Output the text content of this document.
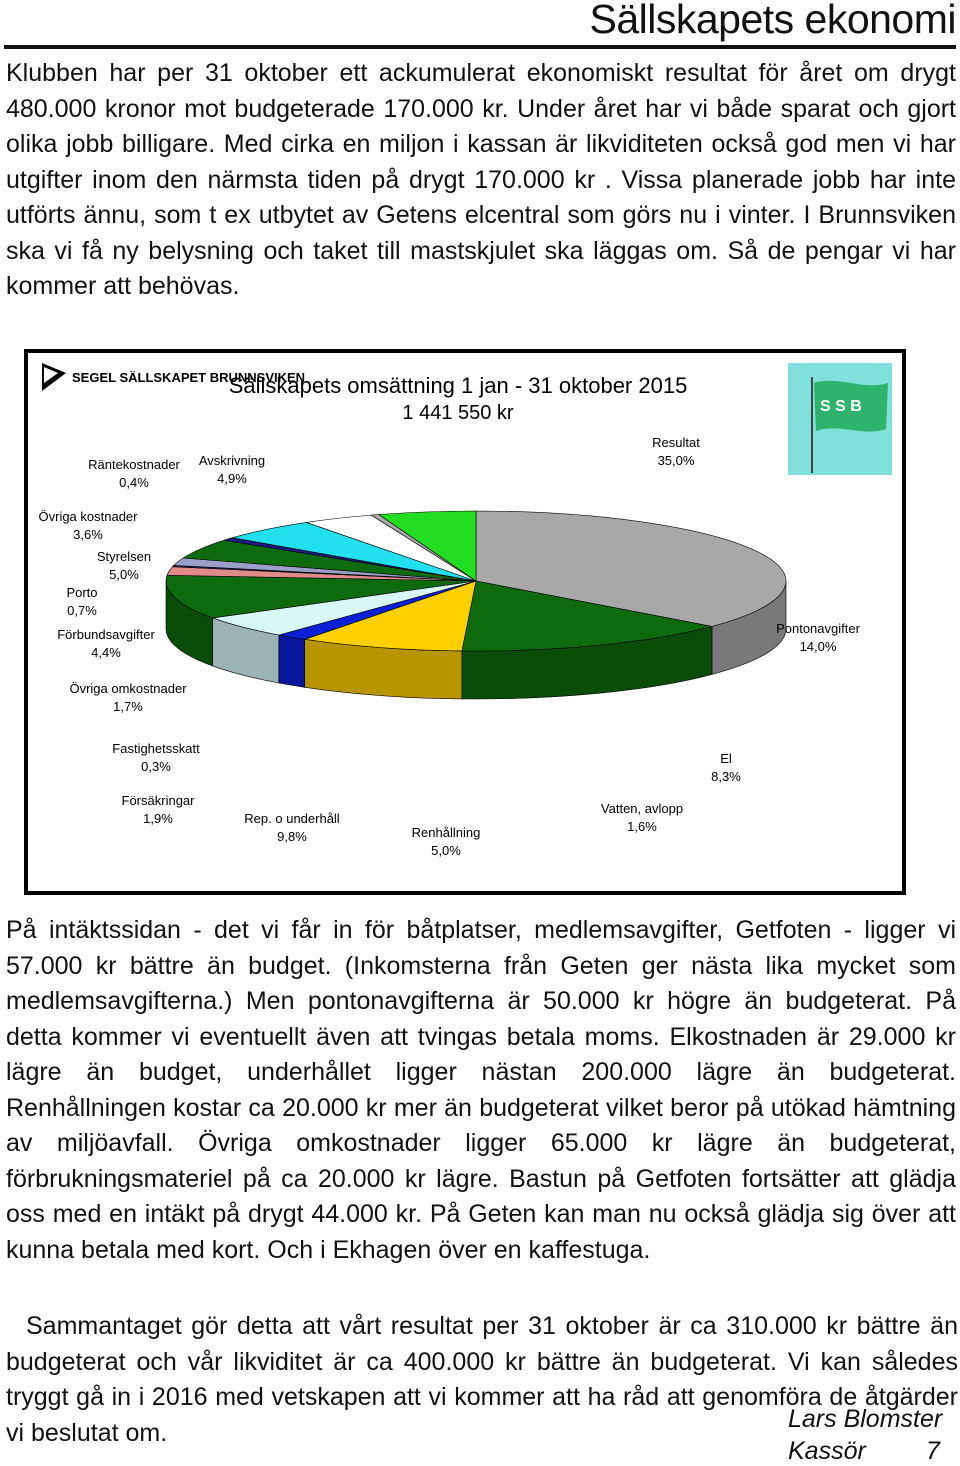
Sällskapets ekonomi

Klubben har per 31 oktober ett ackumulerat ekonomiskt resultat för året om drygt 480.000 kronor mot budgeterade 170.000 kr. Under året har vi både sparat och gjort olika jobb billigare. Med cirka en miljon i kassan är likviditeten också god men vi har utgifter inom den närmsta tiden på drygt 170.000 kr . Vissa planerade jobb har inte utförts ännu, som t ex utbytet av Getens elcentral som görs nu i vinter. I Brunnsviken ska vi få ny belysning och taket till mastskjulet ska läggas om. Så de pengar vi har kommer att behövas.

SEGEL SÄLLSKAPET BRUNNSVIKEN
S S B
Sällskapets omsättning 1 jan - 31 oktober 2015
1 441 550 kr
Resultat
35,0%
Pontonavgifter
14,0%
El
8,3%
Vatten, avlopp
1,6%
Renhållning
5,0%
Rep. o underhåll
9,8%
Försäkringar
1,9%
Fastighetsskatt
0,3%
Övriga omkostnader
1,7%
Förbundsavgifter
4,4%
Porto
0,7%
Styrelsen
5,0%
Övriga kostnader
3,6%
Räntekostnader
0,4%
Avskrivning
4,9%

På intäktssidan - det vi får in för båtplatser, medlemsavgifter, Getfoten - ligger vi 57.000 kr bättre än budget. (Inkomsterna från Geten ger nästa lika mycket som medlemsavgifterna.) Men pontonavgifterna är 50.000 kr högre än budgeterat. På detta kommer vi eventuellt även att tvingas betala moms. Elkostnaden är 29.000 kr lägre än budget, underhållet ligger nästan 200.000 lägre än budgeterat. Renhållningen kostar ca 20.000 kr mer än budgeterat vilket beror på utökad hämtning av miljöavfall. Övriga omkostnader ligger 65.000 kr lägre än budgeterat, förbrukningsmateriel på ca 20.000 kr lägre. Bastun på Getfoten fortsätter att glädja oss med en intäkt på drygt 44.000 kr. På Geten kan man nu också glädja sig över att kunna betala med kort. Och i Ekhagen över en kaffestuga.

Sammantaget gör detta att vårt resultat per 31 oktober är ca 310.000 kr bättre än budgeterat och vår likviditet är ca 400.000 kr bättre än budgeterat. Vi kan således tryggt gå in i 2016 med vetskapen att vi kommer att ha råd att genomföra de åtgärder vi beslutat om.	Lars Blomster
Kassör 7
